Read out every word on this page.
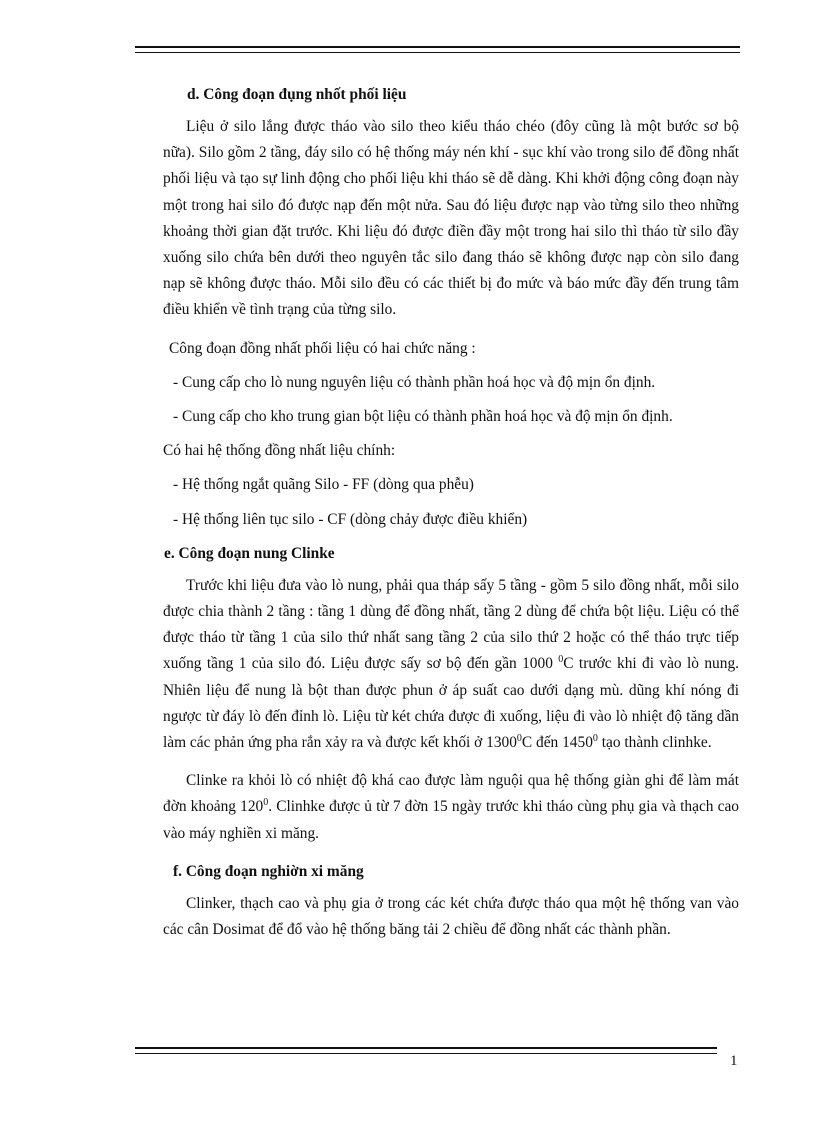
d. Công đoạn đụng nhốt phối liệu

Liệu ở silo lắng được tháo vào silo theo kiểu tháo chéo (đôy cũng là một bước sơ bộ nữa). Silo gồm 2 tầng, đáy silo có hệ thống máy nén khí - sục khí vào trong silo để đồng nhất phối liệu và tạo sự linh động cho phối liệu khi tháo sẽ dễ dàng. Khi khởi động công đoạn này một trong hai silo đó được nạp đến một nửa. Sau đó liệu được nạp vào từng silo theo những khoảng thời gian đặt trước. Khi liệu đó được điền đầy một trong hai silo thì tháo từ silo đầy xuống silo chứa bên dưới theo nguyên tắc silo đang tháo sẽ không được nạp còn silo đang nạp sẽ không được tháo. Mỗi silo đều có các thiết bị đo mức và báo mức đầy đến trung tâm điều khiển về tình trạng của từng silo.

Công đoạn đồng nhất phối liệu có hai chức năng :

- Cung cấp cho lò nung nguyên liệu có thành phần hoá học và độ mịn ổn định.

- Cung cấp cho kho trung gian bột liệu có thành phần hoá học và độ mịn ổn định.

Có hai hệ thống đồng nhất liệu chính:

- Hệ thống ngắt quãng Silo - FF (dòng qua phễu)

- Hệ thống liên tục silo - CF (dòng chảy được điều khiển)

e. Công đoạn nung Clinke

Trước khi liệu đưa vào lò nung, phải qua tháp sấy 5 tầng - gồm 5 silo đồng nhất, mỗi silo được chia thành 2 tầng : tầng 1 dùng để đồng nhất, tầng 2 dùng để chứa bột liệu. Liệu có thể được tháo từ tầng 1 của silo thứ nhất sang tầng 2 của silo thứ 2 hoặc có thể tháo trực tiếp xuống tầng 1 của silo đó. Liệu được sấy sơ bộ đến gần 1000 $^0$C trước khi đi vào lò nung. Nhiên liệu để nung là bột than được phun ở áp suất cao dưới dạng mù. dũng khí nóng đi ngược từ đáy lò đến đỉnh lò. Liệu từ két chứa được đi xuống, liệu đi vào lò nhiệt độ tăng dần làm các phản ứng pha rắn xảy ra và được kết khối ở 1300$^0$C đến 1450$^0$ tạo thành clinhke.

Clinke ra khỏi lò có nhiệt độ khá cao được làm nguội qua hệ thống giàn ghi để làm mát đờn khoảng $120^0$. Clinhke được ủ từ 7 đờn 15 ngày trước khi tháo cùng phụ gia và thạch cao vào máy nghiền xi măng.

f. Công đoạn nghiờn xi măng

Clinker, thạch cao và phụ gia ở trong các két chứa được tháo qua một hệ thống van vào các cân Dosimat để đổ vào hệ thống băng tải 2 chiều để đồng nhất các thành phần.

1
